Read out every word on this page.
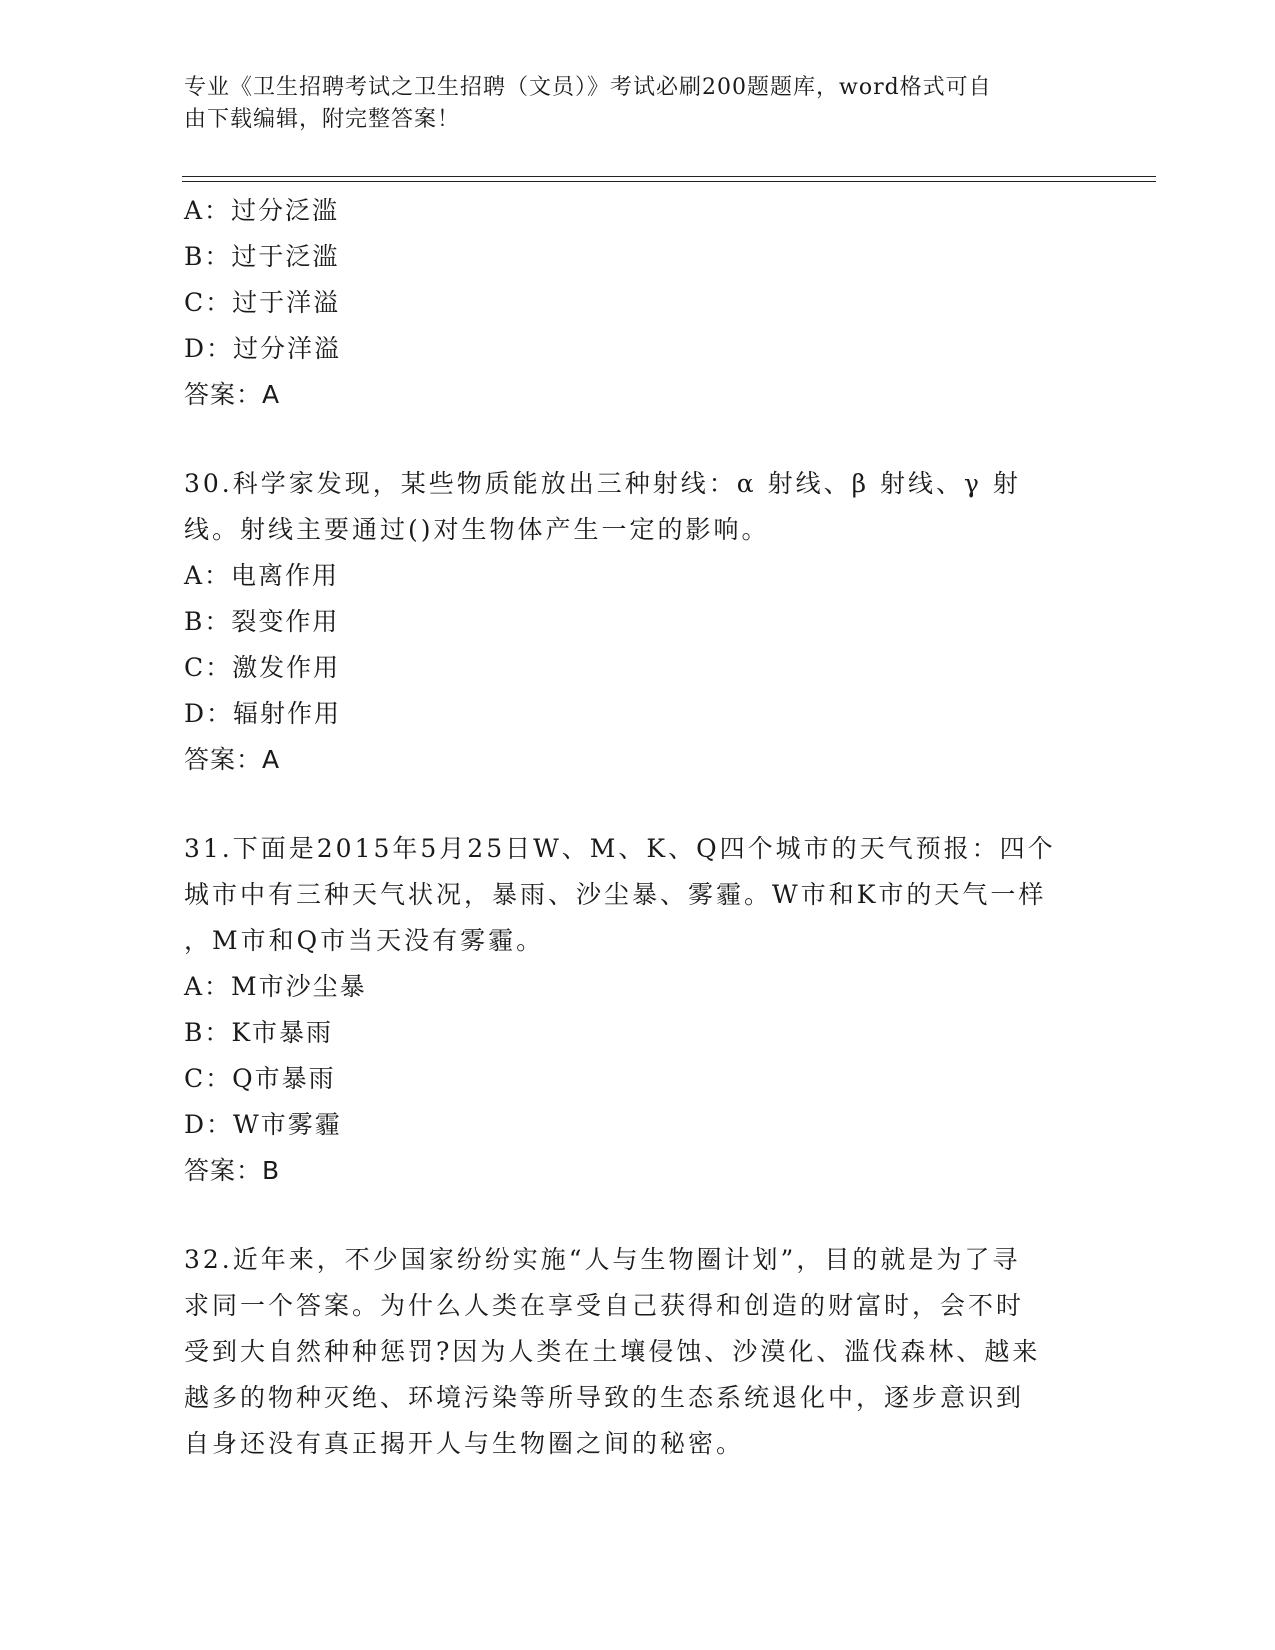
专业《卫生招聘考试之卫生招聘（文员）》考试必刷200题题库，word格式可自
由下载编辑，附完整答案！
A：过分泛滥
B：过于泛滥
C：过于洋溢
D：过分洋溢
答案：A
30.科学家发现，某些物质能放出三种射线：α 射线、β 射线、γ 射
线。射线主要通过()对生物体产生一定的影响。
A：电离作用
B：裂变作用
C：激发作用
D：辐射作用
答案：A
31.下面是2015年5月25日W、M、K、Q四个城市的天气预报：四个
城市中有三种天气状况，暴雨、沙尘暴、雾霾。W市和K市的天气一样
，M市和Q市当天没有雾霾。
A：M市沙尘暴
B：K市暴雨
C：Q市暴雨
D：W市雾霾
答案：B
32.近年来，不少国家纷纷实施“人与生物圈计划”，目的就是为了寻
求同一个答案。为什么人类在享受自己获得和创造的财富时，会不时
受到大自然种种惩罚?因为人类在土壤侵蚀、沙漠化、滥伐森林、越来
越多的物种灭绝、环境污染等所导致的生态系统退化中，逐步意识到
自身还没有真正揭开人与生物圈之间的秘密。
